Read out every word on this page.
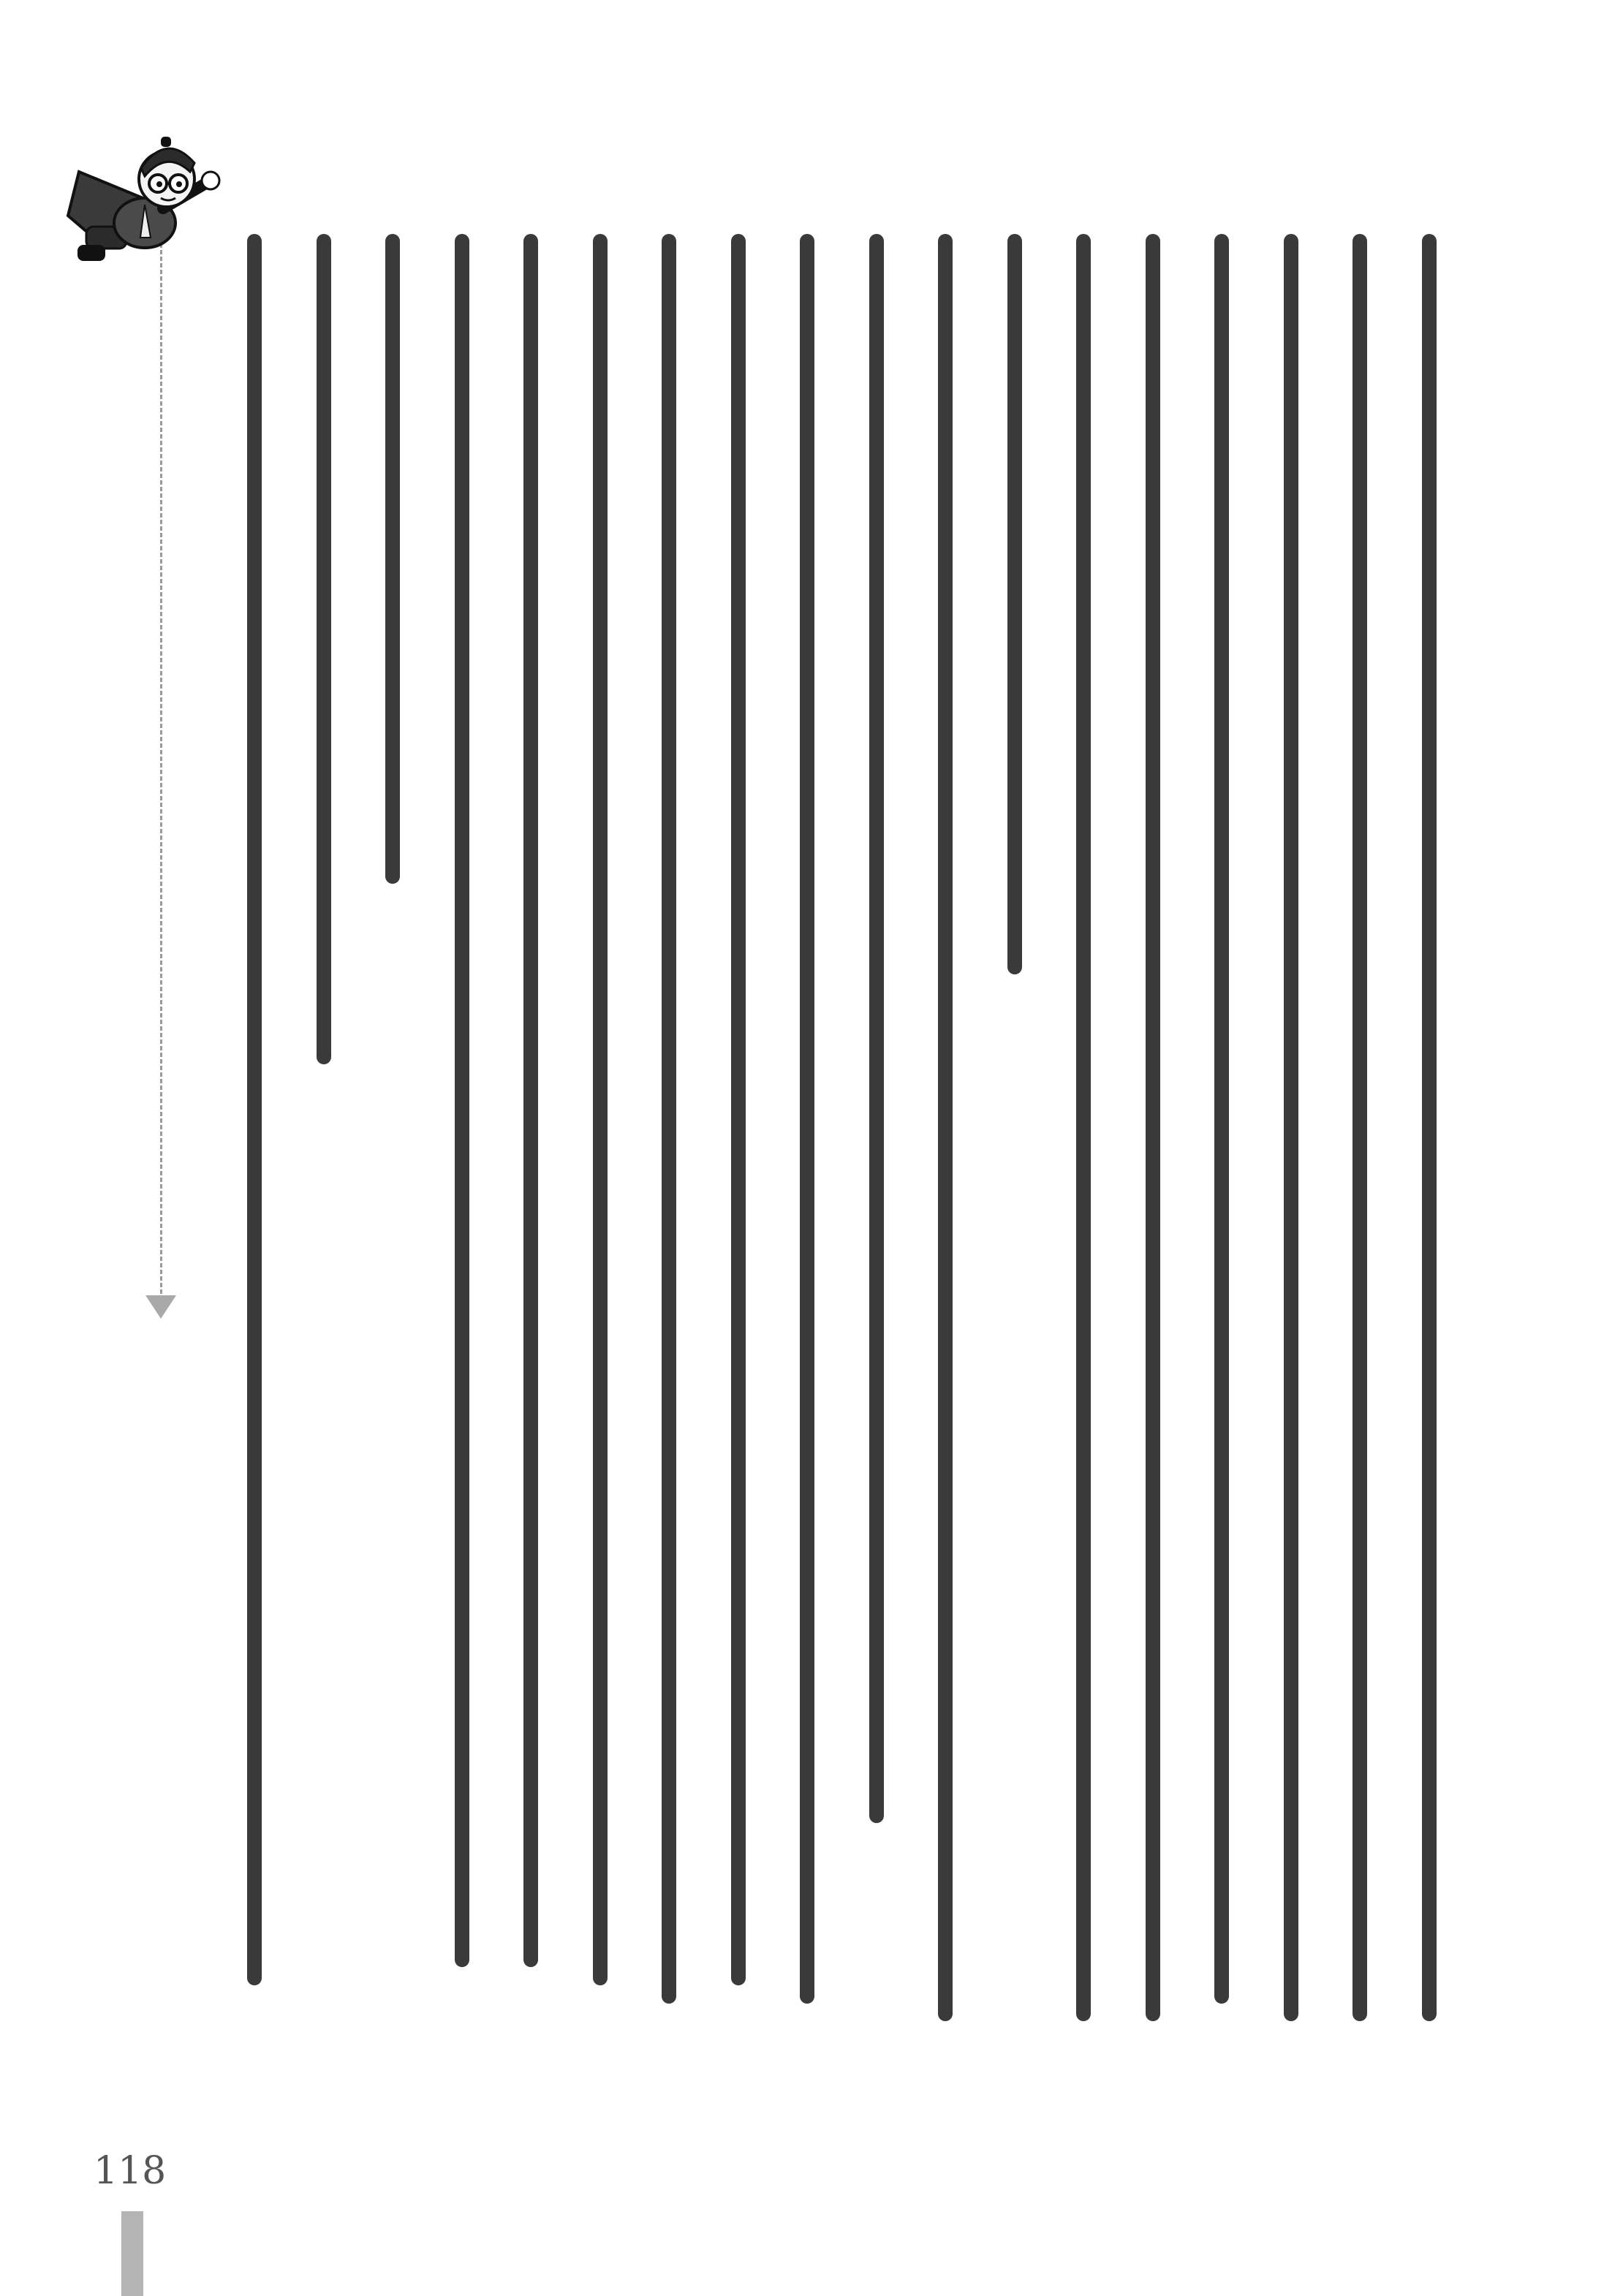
118
